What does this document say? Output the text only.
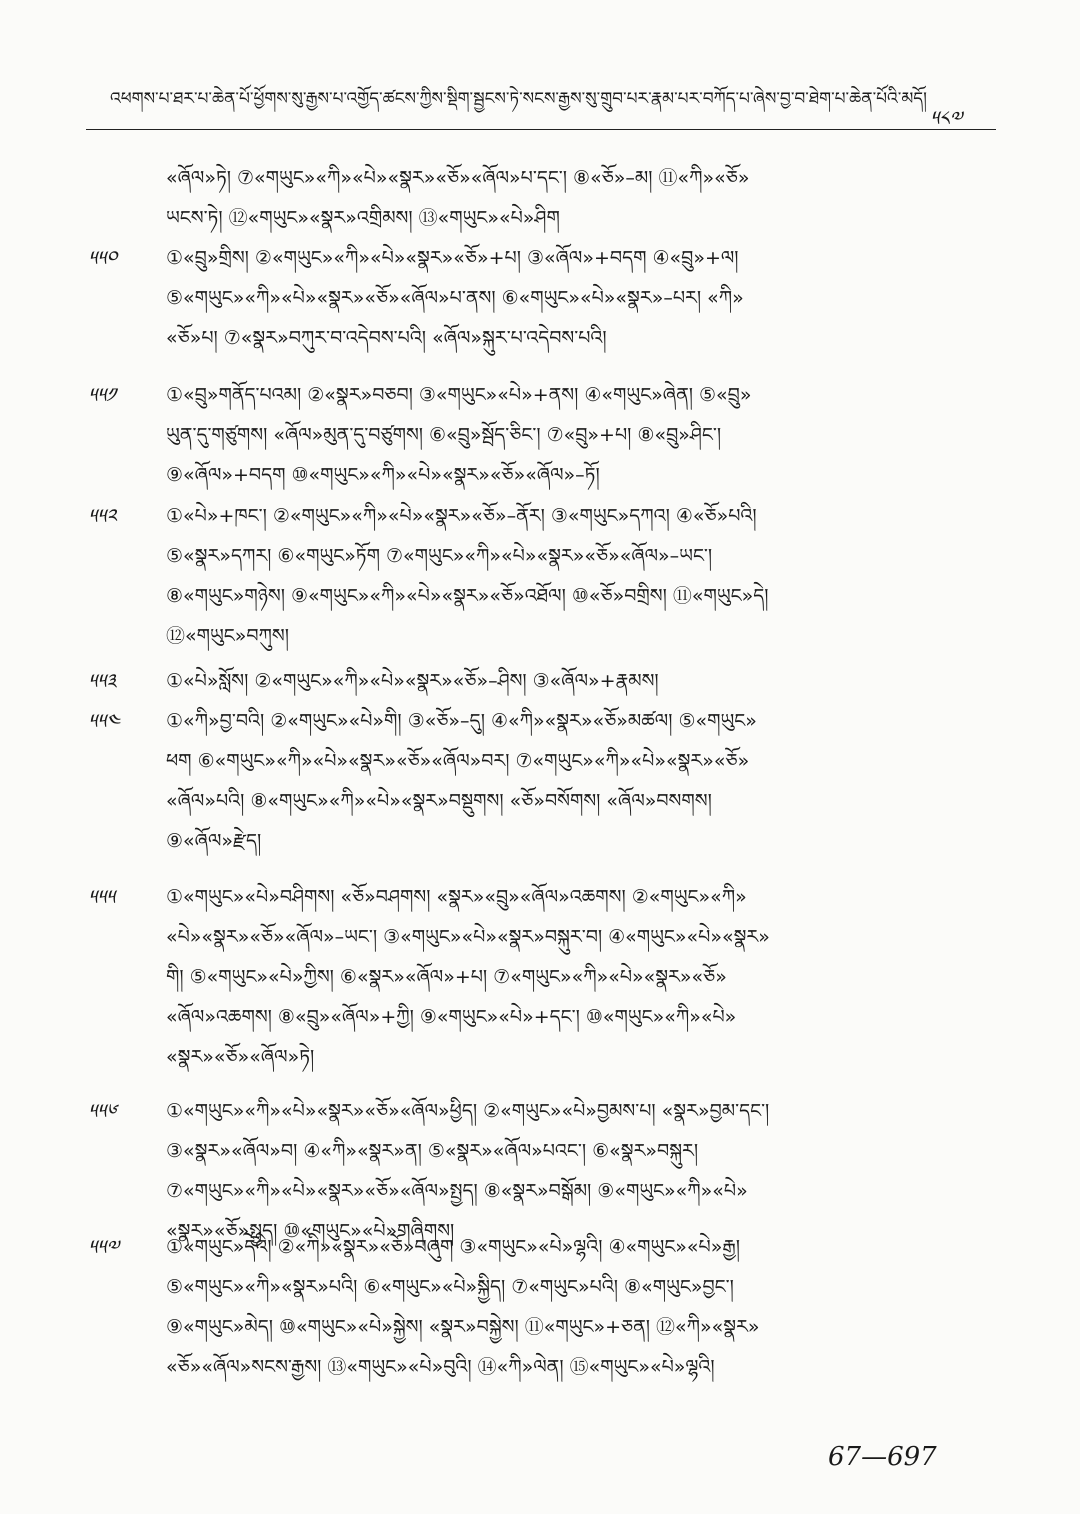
འཕགས་པ་ཐར་པ་ཆེན་པོ་ཕྱོགས་སུ་རྒྱས་པ་འགྱོད་ཚངས་ཀྱིས་སྡིག་སྦྱངས་ཏེ་སངས་རྒྱས་སུ་གྲུབ་པར་རྣམ་པར་བཀོད་པ་ཞེས་བྱ་བ་ཐེག་པ་ཆེན་པོའི་མདོ།
༥༨༧
«ཞོལ»ཏེ། ⑦«གཡུང»«ཀི»«པེ»«སྣར»«ཅོ»«ཞོལ»པ་དང་། ⑧«ཅོ»–མ། ⑪«ཀི»«ཅོ»
ཡངས་ཏེ། ⑫«གཡུང»«སྣར»འགྲིམས། ⑬«གཡུང»«པེ»ཤིག
༥༥༠	①«བྲུ»གྲིས། ②«གཡུང»«ཀི»«པེ»«སྣར»«ཅོ»+པ། ③«ཞོལ»+བདག ④«བྲུ»+ལ།
⑤«གཡུང»«ཀི»«པེ»«སྣར»«ཅོ»«ཞོལ»པ་ནས། ⑥«གཡུང»«པེ»«སྣར»–པར། «ཀི»
«ཅོ»པ། ⑦«སྣར»བཀུར་བ་འདེབས་པའི། «ཞོལ»སྐུར་པ་འདེབས་པའི།
༥༥༡	①«བྲུ»གནོད་པའམ། ②«སྣར»བཅབ། ③«གཡུང»«པེ»+ནས། ④«གཡུང»ཞེན། ⑤«བྲུ»
ཡུན་དུ་གཙུགས། «ཞོལ»མུན་དུ་བཙུགས། ⑥«བྲུ»སྦོད་ཅིང་། ⑦«བྲུ»+པ། ⑧«བྲུ»ཤིང་།
⑨«ཞོལ»+བདག ⑩«གཡུང»«ཀི»«པེ»«སྣར»«ཅོ»«ཞོལ»–ཏོ།
༥༥༢	①«པེ»+ཁང་། ②«གཡུང»«ཀི»«པེ»«སྣར»«ཅོ»–ནོར། ③«གཡུང»དཀའ། ④«ཅོ»པའི།
⑤«སྣར»དཀར། ⑥«གཡུང»ཏོག ⑦«གཡུང»«ཀི»«པེ»«སྣར»«ཅོ»«ཞོལ»–ཡང་།
⑧«གཡུང»གཉེས། ⑨«གཡུང»«ཀི»«པེ»«སྣར»«ཅོ»འཐོལ། ⑩«ཅོ»བགྲིས། ⑪«གཡུང»དེ།
⑫«གཡུང»བཀུས།
༥༥༣	①«པེ»སློས། ②«གཡུང»«ཀི»«པེ»«སྣར»«ཅོ»–ཤིས། ③«ཞོལ»+རྣམས།
༥༥༤ ①«ཀི»བྱ་བའི། ②«གཡུང»«པེ»གི། ③«ཅོ»–དུ། ④«ཀི»«སྣར»«ཅོ»མཚལ། ⑤«གཡུང»
ཕག ⑥«གཡུང»«ཀི»«པེ»«སྣར»«ཅོ»«ཞོལ»བར། ⑦«གཡུང»«ཀི»«པེ»«སྣར»«ཅོ»
«ཞོལ»པའི། ⑧«གཡུང»«ཀི»«པེ»«སྣར»བསྡུགས། «ཅོ»བསོགས། «ཞོལ»བསགས།
⑨«ཞོལ»རྫེད།
༥༥༥	①«གཡུང»«པེ»བཤིགས། «ཅོ»བཤགས། «སྣར»«བྲུ»«ཞོལ»འཆགས། ②«གཡུང»«ཀི»
«པེ»«སྣར»«ཅོ»«ཞོལ»–ཡང་། ③«གཡུང»«པེ»«སྣར»བསྐུར་བ། ④«གཡུང»«པེ»«སྣར»
གི། ⑤«གཡུང»«པེ»ཀྱིས། ⑥«སྣར»«ཞོལ»+པ། ⑦«གཡུང»«ཀི»«པེ»«སྣར»«ཅོ»
«ཞོལ»འཆགས། ⑧«བྲུ»«ཞོལ»+ཀྱི། ⑨«གཡུང»«པེ»+དང་། ⑩«གཡུང»«ཀི»«པེ»
«སྣར»«ཅོ»«ཞོལ»ཏེ།
༥༥༦	①«གཡུང»«ཀི»«པེ»«སྣར»«ཅོ»«ཞོལ»ཕྱིད། ②«གཡུང»«པེ»བྱམས་པ། «སྣར»བྱམ་དང་།
③«སྣར»«ཞོལ»བ། ④«ཀི»«སྣར»ན། ⑤«སྣར»«ཞོལ»པའང་། ⑥«སྣར»བསྐུར།
⑦«གཡུང»«ཀི»«པེ»«སྣར»«ཅོ»«ཞོལ»སྤྱད། ⑧«སྣར»བསྒོམ། ⑨«གཡུང»«ཀི»«པེ»
«སྣར»«ཅོ»སྤྱད། ⑩«གཡུང»«པེ»གཞིགས།
༥༥༧ ①«གཡུང»དེའི། ②«ཀི»«སྣར»«ཅོ»བཞུག ③«གཡུང»«པེ»ལྷའི། ④«གཡུང»«པེ»རྒྱ།
⑤«གཡུང»«ཀི»«སྣར»པའི། ⑥«གཡུང»«པེ»སྐྱིད། ⑦«གཡུང»པའི། ⑧«གཡུང»བྱང་།
⑨«གཡུང»མེད། ⑩«གཡུང»«པེ»སྐྱེས། «སྣར»བསྐྱེས། ⑪«གཡུང»+ཅན། ⑫«ཀི»«སྣར»
«ཅོ»«ཞོལ»སངས་རྒྱས། ⑬«གཡུང»«པེ»བུའི། ⑭«ཀི»ལེན། ⑮«གཡུང»«པེ»ལྷའི།
67—697
